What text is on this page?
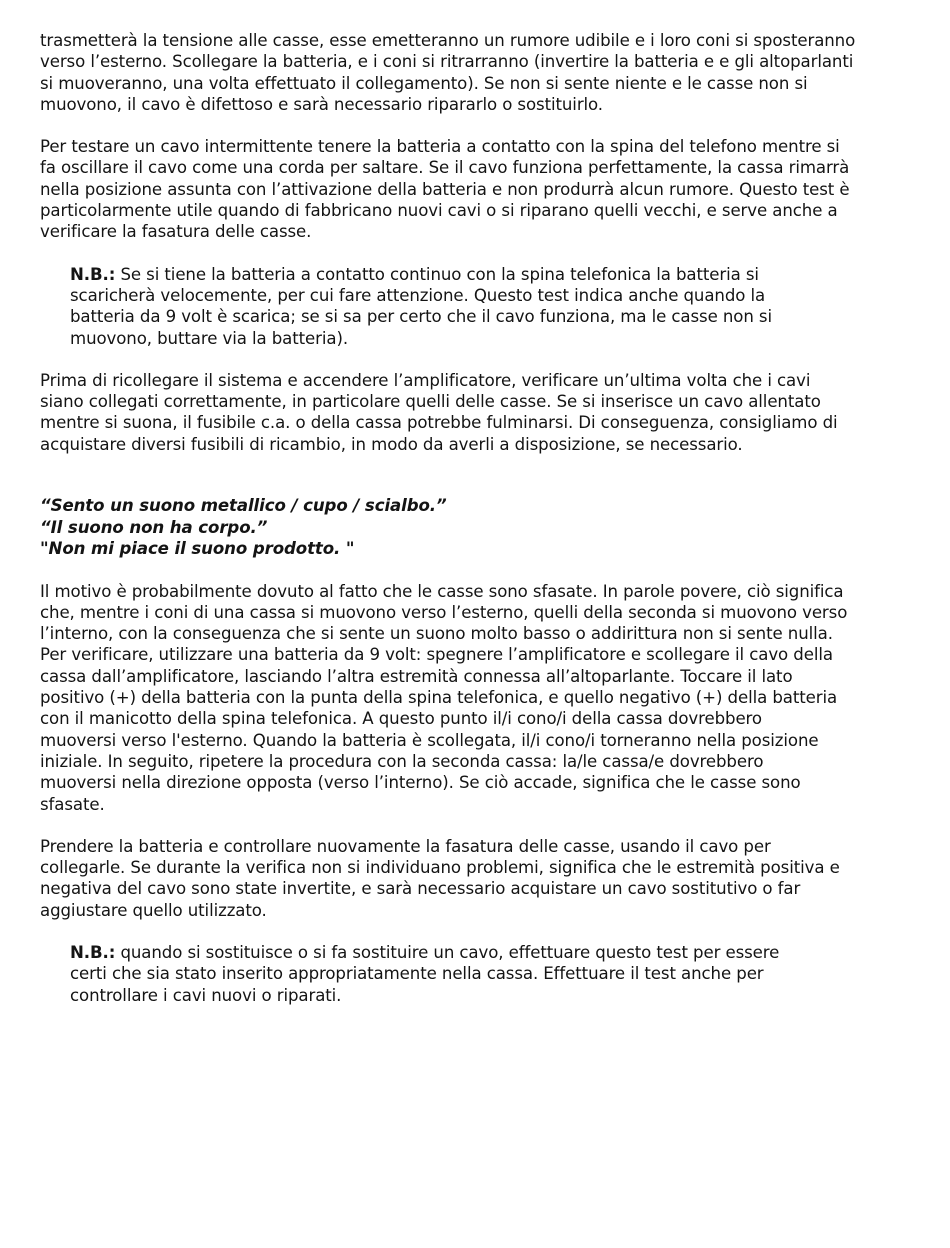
trasmetterà la tensione alle casse, esse emetteranno un rumore udibile e i loro coni si sposteranno
verso l’esterno. Scollegare la batteria, e i coni si ritrarranno (invertire la batteria e e gli altoparlanti
si muoveranno, una volta effettuato il collegamento). Se non si sente niente e le casse non si
muovono, il cavo è difettoso e sarà necessario ripararlo o sostituirlo.

Per testare un cavo intermittente tenere la batteria a contatto con la spina del telefono mentre si
fa oscillare il cavo come una corda per saltare. Se il cavo funziona perfettamente, la cassa rimarrà
nella posizione assunta con l’attivazione della batteria e non produrrà alcun rumore. Questo test è
particolarmente utile quando di fabbricano nuovi cavi o si riparano quelli vecchi, e serve anche a
verificare la fasatura delle casse.

N.B.: Se si tiene la batteria a contatto continuo con la spina telefonica la batteria si
scaricherà velocemente, per cui fare attenzione. Questo test indica anche quando la
batteria da 9 volt è scarica; se si sa per certo che il cavo funziona, ma le casse non si
muovono, buttare via la batteria).

Prima di ricollegare il sistema e accendere l’amplificatore, verificare un’ultima volta che i cavi
siano collegati correttamente, in particolare quelli delle casse. Se si inserisce un cavo allentato
mentre si suona, il fusibile c.a. o della cassa potrebbe fulminarsi. Di conseguenza, consigliamo di
acquistare diversi fusibili di ricambio, in modo da averli a disposizione, se necessario.

“Sento un suono metallico / cupo / scialbo.”
“Il suono non ha corpo.”
"Non mi piace il suono prodotto. "

Il motivo è probabilmente dovuto al fatto che le casse sono sfasate. In parole povere, ciò significa
che, mentre i coni di una cassa si muovono verso l’esterno, quelli della seconda si muovono verso
l’interno, con la conseguenza che si sente un suono molto basso o addirittura non si sente nulla.
Per verificare, utilizzare una batteria da 9 volt: spegnere l’amplificatore e scollegare il cavo della
cassa dall’amplificatore, lasciando l’altra estremità connessa all’altoparlante. Toccare il lato
positivo (+) della batteria con la punta della spina telefonica, e quello negativo (+) della batteria
con il manicotto della spina telefonica. A questo punto il/i cono/i della cassa dovrebbero
muoversi verso l'esterno. Quando la batteria è scollegata, il/i cono/i torneranno nella posizione
iniziale. In seguito, ripetere la procedura con la seconda cassa: la/le cassa/e dovrebbero
muoversi nella direzione opposta (verso l’interno). Se ciò accade, significa che le casse sono
sfasate.

Prendere la batteria e controllare nuovamente la fasatura delle casse, usando il cavo per
collegarle. Se durante la verifica non si individuano problemi, significa che le estremità positiva e
negativa del cavo sono state invertite, e sarà necessario acquistare un cavo sostitutivo o far
aggiustare quello utilizzato.

N.B.: quando si sostituisce o si fa sostituire un cavo, effettuare questo test per essere
certi che sia stato inserito appropriatamente nella cassa. Effettuare il test anche per
controllare i cavi nuovi o riparati.
